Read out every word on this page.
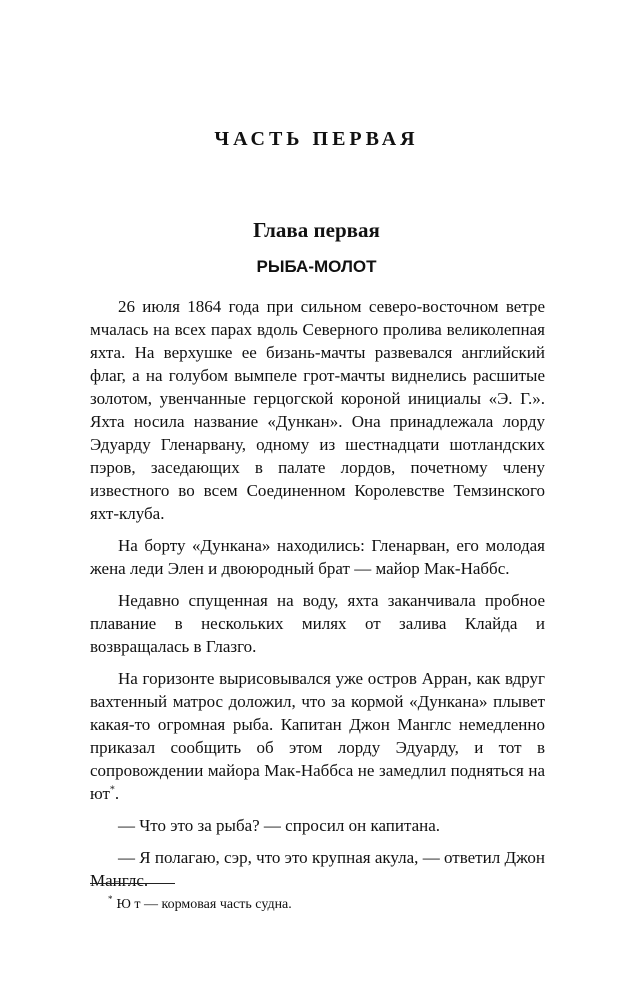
ЧАСТЬ ПЕРВАЯ
Глава первая
РЫБА-МОЛОТ

26 июля 1864 года при сильном северо-восточном ветре мчалась на всех парах вдоль Северного пролива великолепная яхта. На верхушке ее бизань-мачты развевался английский флаг, а на голубом вымпеле грот-мачты виднелись расшитые золотом, увенчанные герцогской короной инициалы «Э. Г.». Яхта носила название «Дункан». Она принадлежала лорду Эдуарду Гленарвану, одному из шестнадцати шотландских пэров, заседающих в палате лордов, почетному члену известного во всем Соединенном Королевстве Темзинского яхт-клуба.

На борту «Дункана» находились: Гленарван, его молодая жена леди Элен и двоюродный брат — майор Мак-Наббс.

Недавно спущенная на воду, яхта заканчивала пробное плавание в нескольких милях от залива Клайда и возвращалась в Глазго.

На горизонте вырисовывался уже остров Арран, как вдруг вахтенный матрос доложил, что за кормой «Дункана» плывет какая-то огромная рыба. Капитан Джон Манглс немедленно приказал сообщить об этом лорду Эдуарду, и тот в сопровождении майора Мак-Наббса не замедлил подняться на ют*.

— Что это за рыба? — спросил он капитана.

— Я полагаю, сэр, что это крупная акула, — ответил Джон Манглс.

* Ю т — кормовая часть судна.
